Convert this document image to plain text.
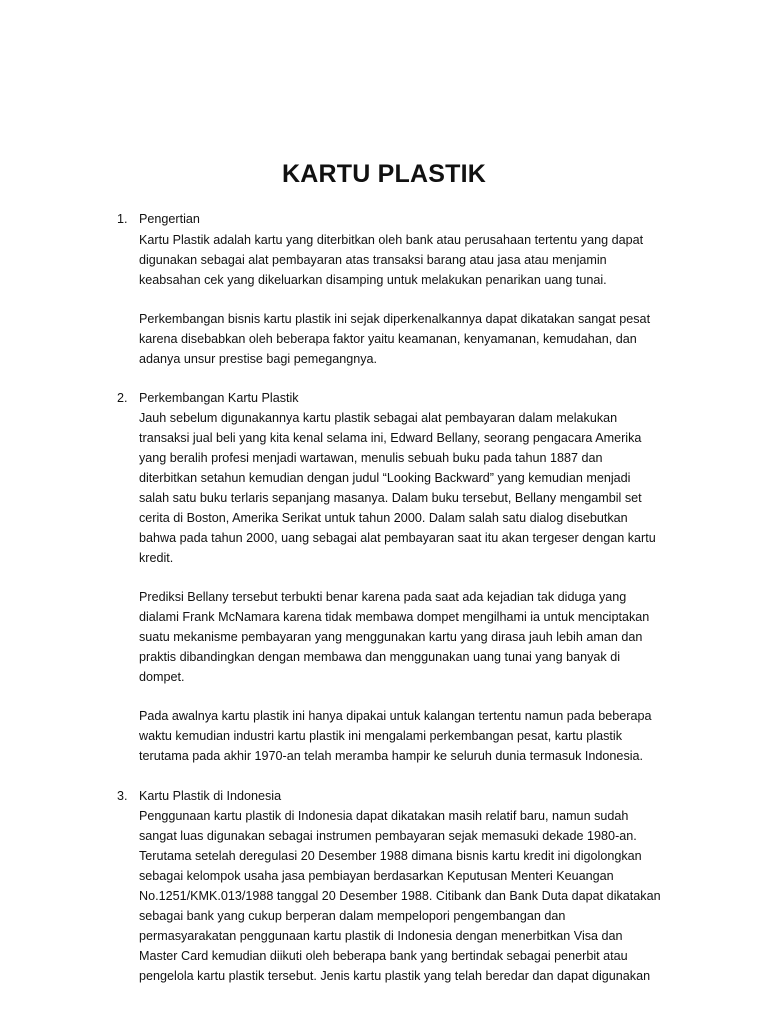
KARTU PLASTIK
1. Pengertian

Kartu Plastik adalah kartu yang diterbitkan oleh bank atau perusahaan tertentu yang dapat
digunakan sebagai alat pembayaran atas transaksi barang atau jasa atau menjamin
keabsahan cek yang dikeluarkan disamping untuk melakukan penarikan uang tunai.

Perkembangan bisnis kartu plastik ini sejak diperkenalkannya dapat dikatakan sangat pesat
karena disebabkan oleh beberapa faktor yaitu keamanan, kenyamanan, kemudahan, dan
adanya unsur prestise bagi pemegangnya.

2. Perkembangan Kartu Plastik

Jauh sebelum digunakannya kartu plastik sebagai alat pembayaran dalam melakukan
transaksi jual beli yang kita kenal selama ini, Edward Bellany, seorang pengacara Amerika
yang beralih profesi menjadi wartawan, menulis sebuah buku pada tahun 1887 dan
diterbitkan setahun kemudian dengan judul “Looking Backward” yang kemudian menjadi
salah satu buku terlaris sepanjang masanya. Dalam buku tersebut, Bellany mengambil set
cerita di Boston, Amerika Serikat untuk tahun 2000. Dalam salah satu dialog disebutkan
bahwa pada tahun 2000, uang sebagai alat pembayaran saat itu akan tergeser dengan kartu
kredit.

Prediksi Bellany tersebut terbukti benar karena pada saat ada kejadian tak diduga yang
dialami Frank McNamara karena tidak membawa dompet mengilhami ia untuk menciptakan
suatu mekanisme pembayaran yang menggunakan kartu yang dirasa jauh lebih aman dan
praktis dibandingkan dengan membawa dan menggunakan uang tunai yang banyak di
dompet.

Pada awalnya kartu plastik ini hanya dipakai untuk kalangan tertentu namun pada beberapa
waktu kemudian industri kartu plastik ini mengalami perkembangan pesat, kartu plastik
terutama pada akhir 1970-an telah meramba hampir ke seluruh dunia termasuk Indonesia.

3. Kartu Plastik di Indonesia

Penggunaan kartu plastik di Indonesia dapat dikatakan masih relatif baru, namun sudah
sangat luas digunakan sebagai instrumen pembayaran sejak memasuki dekade 1980-an.
Terutama setelah deregulasi 20 Desember 1988 dimana bisnis kartu kredit ini digolongkan
sebagai kelompok usaha jasa pembiayan berdasarkan Keputusan Menteri Keuangan
No.1251/KMK.013/1988 tanggal 20 Desember 1988. Citibank dan Bank Duta dapat dikatakan
sebagai bank yang cukup berperan dalam mempelopori pengembangan dan
permasyarakatan penggunaan kartu plastik di Indonesia dengan menerbitkan Visa dan
Master Card kemudian diikuti oleh beberapa bank yang bertindak sebagai penerbit atau
pengelola kartu plastik tersebut. Jenis kartu plastik yang telah beredar dan dapat digunakan
